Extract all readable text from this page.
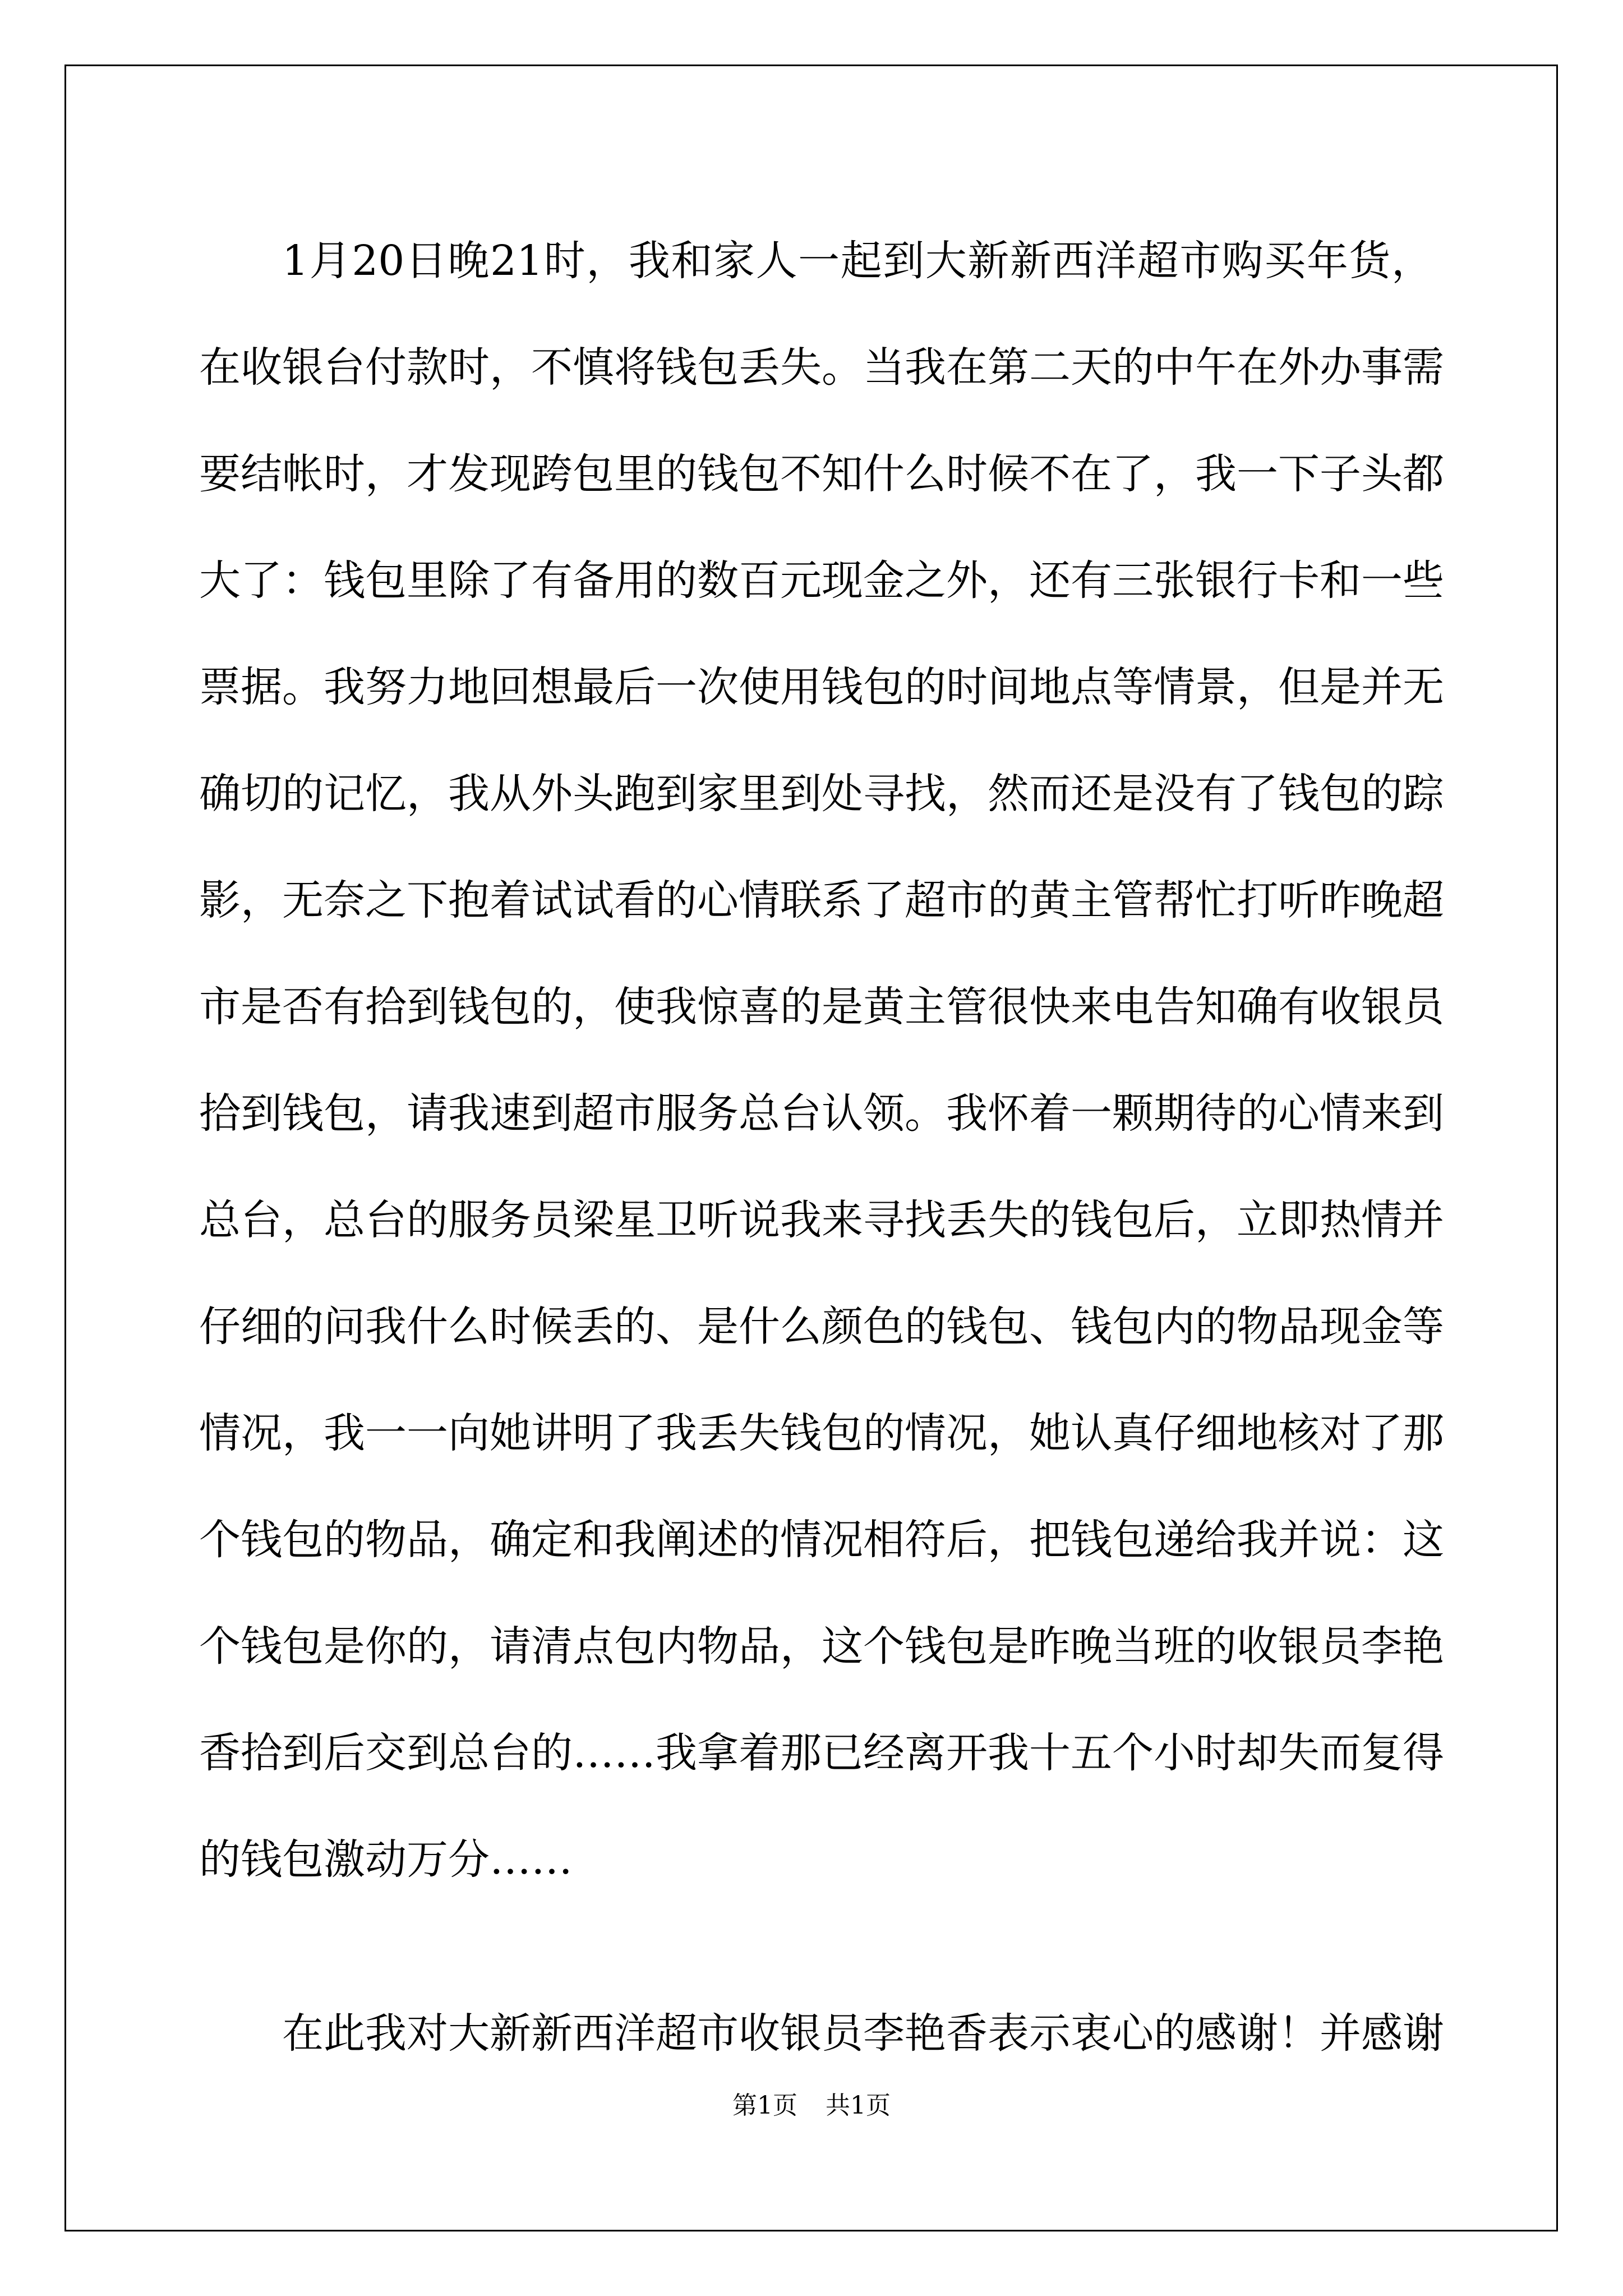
1月20日晚21时，我和家人一起到大新新西洋超市购买年货，
在收银台付款时，不慎将钱包丢失。当我在第二天的中午在外办事需
要结帐时，才发现跨包里的钱包不知什么时候不在了，我一下子头都
大了：钱包里除了有备用的数百元现金之外，还有三张银行卡和一些
票据。我努力地回想最后一次使用钱包的时间地点等情景，但是并无
确切的记忆，我从外头跑到家里到处寻找，然而还是没有了钱包的踪
影，无奈之下抱着试试看的心情联系了超市的黄主管帮忙打听昨晚超
市是否有拾到钱包的，使我惊喜的是黄主管很快来电告知确有收银员
拾到钱包，请我速到超市服务总台认领。我怀着一颗期待的心情来到
总台，总台的服务员梁星卫听说我来寻找丢失的钱包后，立即热情并
仔细的问我什么时候丢的、是什么颜色的钱包、钱包内的物品现金等
情况，我一一向她讲明了我丢失钱包的情况，她认真仔细地核对了那
个钱包的物品，确定和我阐述的情况相符后，把钱包递给我并说：这
个钱包是你的，请清点包内物品，这个钱包是昨晚当班的收银员李艳
香拾到后交到总台的……我拿着那已经离开我十五个小时却失而复得
的钱包激动万分……
在此我对大新新西洋超市收银员李艳香表示衷心的感谢！并感谢
第1页 共1页
